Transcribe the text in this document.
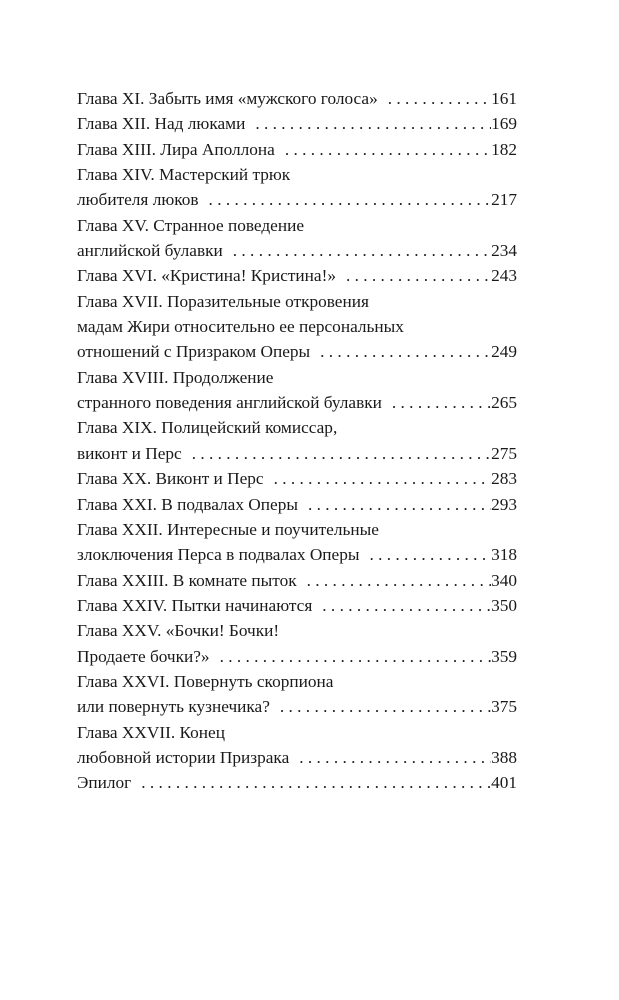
Глава XI. Забыть имя «мужского голоса» . . .	161
Глава XII. Над люками . . .	169
Глава XIII. Лира Аполлона . . .	182
Глава XIV. Мастерский трюк
любителя люков . . .	217
Глава XV. Странное поведение
английской булавки . . .	234
Глава XVI. «Кристина! Кристина!» . . .	243
Глава XVII. Поразительные откровения
мадам Жири относительно ее персональных
отношений с Призраком Оперы . . .	249
Глава XVIII. Продолжение
странного поведения английской булавки . . .	265
Глава XIX. Полицейский комиссар,
виконт и Перс . . .	275
Глава XX. Виконт и Перс . . .	283
Глава XXI. В подвалах Оперы . . .	293
Глава XXII. Интересные и поучительные
злоключения Перса в подвалах Оперы . . .	318
Глава XXIII. В комнате пыток . . .	340
Глава XXIV. Пытки начинаются . . .	350
Глава XXV. «Бочки! Бочки!
Продаете бочки?» . . .	359
Глава XXVI. Повернуть скорпиона
или повернуть кузнечика? . . .	375
Глава XXVII. Конец
любовной истории Призрака . . .	388
Эпилог . . .	401
